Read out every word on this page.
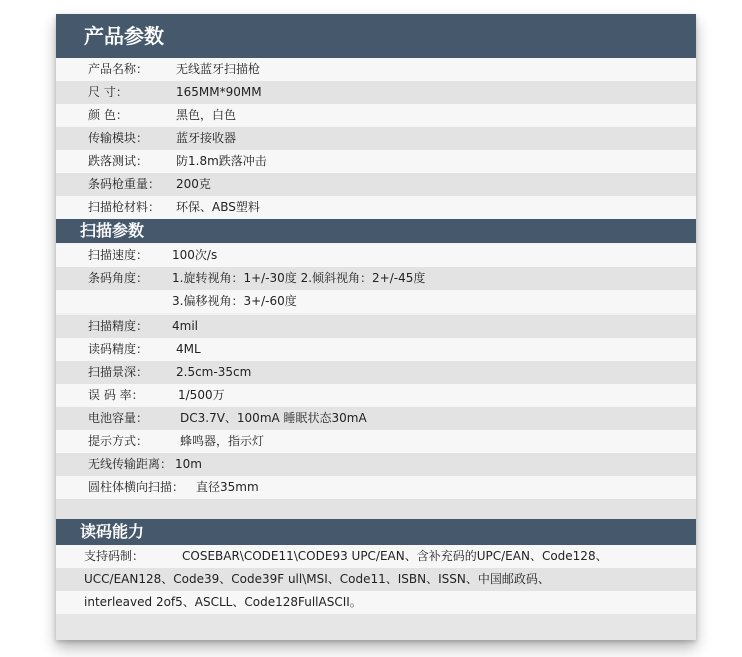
产品参数
产品名称： 无线蓝牙扫描枪
尺 寸：	165MM*90MM
颜 色：	黑色，白色
传输模块： 蓝牙接收器
跌落测试： 防1.8m跌落冲击
条码枪重量： 200克
扫描枪材料： 环保、ABS塑料
扫描参数
扫描速度： 100次/s
条码角度： 1.旋转视角：1+/-30度 2.倾斜视角：2+/-45度
3.偏移视角：3+/-60度
扫描精度： 4mil
读码精度： 4ML
扫描景深： 2.5cm-35cm
误 码 率：	1/500万
电池容量：	DC3.7V、100mA 睡眠状态30mA
提示方式：	蜂鸣器，指示灯
无线传输距离： 10m
圆柱体横向扫描： 直径35mm
读码能力
支持码制：	COSEBAR\CODE11\CODE93 UPC/EAN、含补充码的UPC/EAN、Code128、
UCC/EAN128、Code39、Code39F ull\MSI、Code11、ISBN、ISSN、中国邮政码、
interleaved 2of5、ASCLL、Code128FullASCII。
